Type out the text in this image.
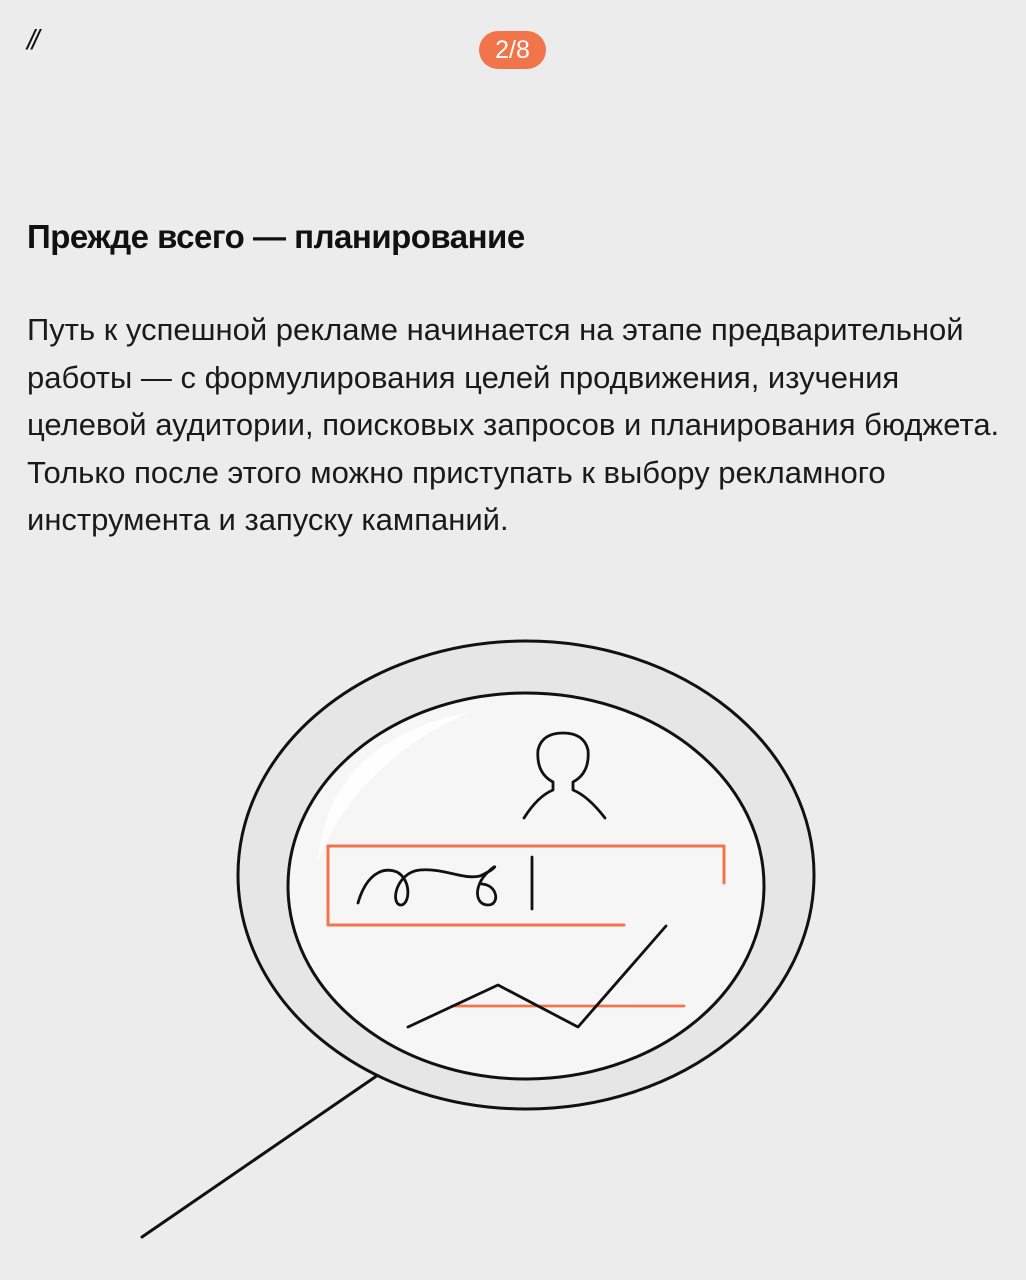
//	2/8
Прежде всего — планирование

Путь к успешной рекламе начинается на этапе предварительной работы — с формулирования целей продвижения, изучения целевой аудитории, поисковых запросов и планирования бюджета. Только после этого можно приступать к выбору рекламного инструмента и запуску кампаний.
